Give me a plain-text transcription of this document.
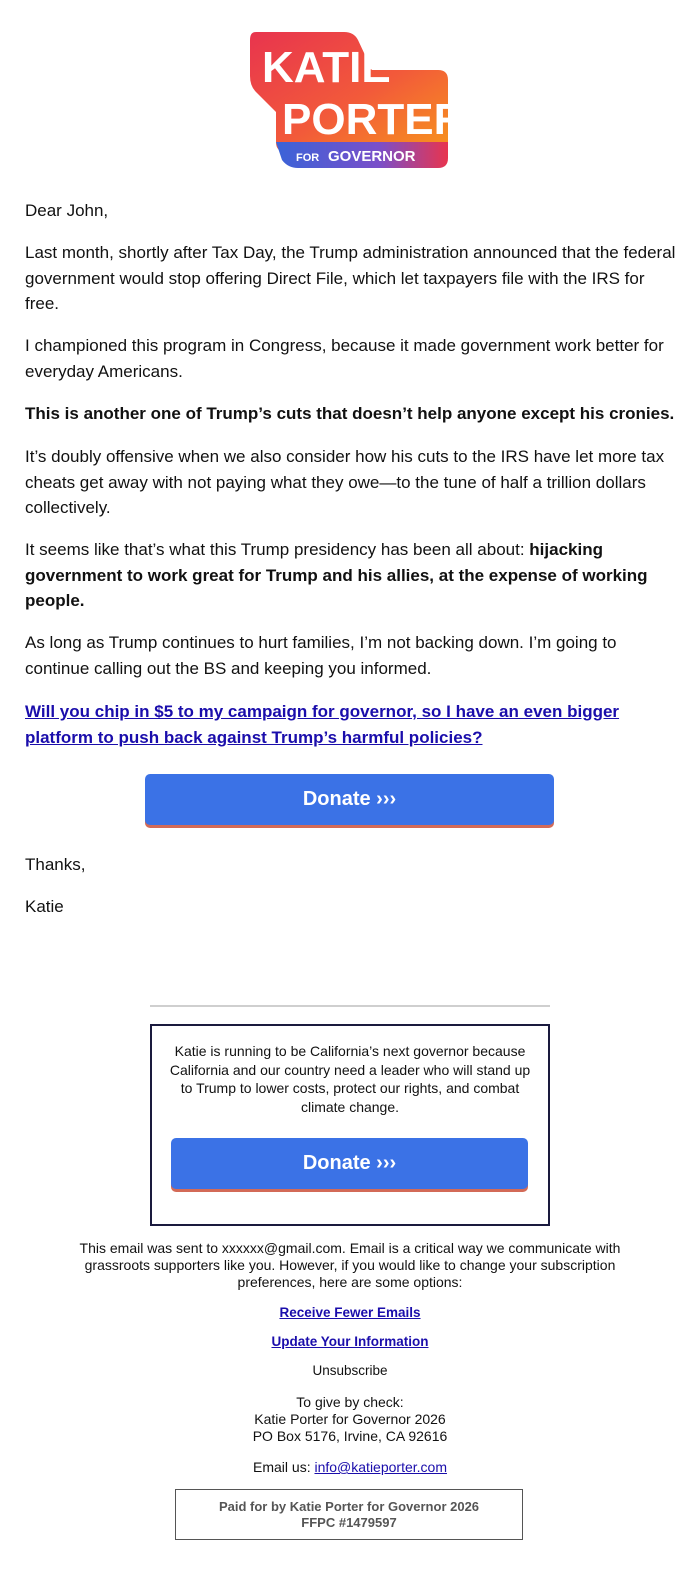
KATIE
PORTER
FOR GOVERNOR
Dear John,
Last month, shortly after Tax Day, the Trump administration announced that the federal government would stop offering Direct File, which let taxpayers file with the IRS for free.
I championed this program in Congress, because it made government work better for everyday Americans.
This is another one of Trump’s cuts that doesn’t help anyone except his cronies.
It’s doubly offensive when we also consider how his cuts to the IRS have let more tax cheats get away with not paying what they owe—to the tune of half a trillion dollars collectively.
It seems like that’s what this Trump presidency has been all about: hijacking government to work great for Trump and his allies, at the expense of working people.
As long as Trump continues to hurt families, I’m not backing down. I’m going to continue calling out the BS and keeping you informed.
Will you chip in $5 to my campaign for governor, so I have an even bigger platform to push back against Trump’s harmful policies?
Donate ›››
Thanks,
Katie
Katie is running to be California’s next governor because California and our country need a leader who will stand up to Trump to lower costs, protect our rights, and combat climate change.
Donate ›››
This email was sent to xxxxxx@gmail.com. Email is a critical way we communicate with grassroots supporters like you. However, if you would like to change your subscription preferences, here are some options:
Receive Fewer Emails
Update Your Information
Unsubscribe
To give by check:
Katie Porter for Governor 2026
PO Box 5176, Irvine, CA 92616
Email us: info@katieporter.com
Paid for by Katie Porter for Governor 2026
FFPC #1479597
